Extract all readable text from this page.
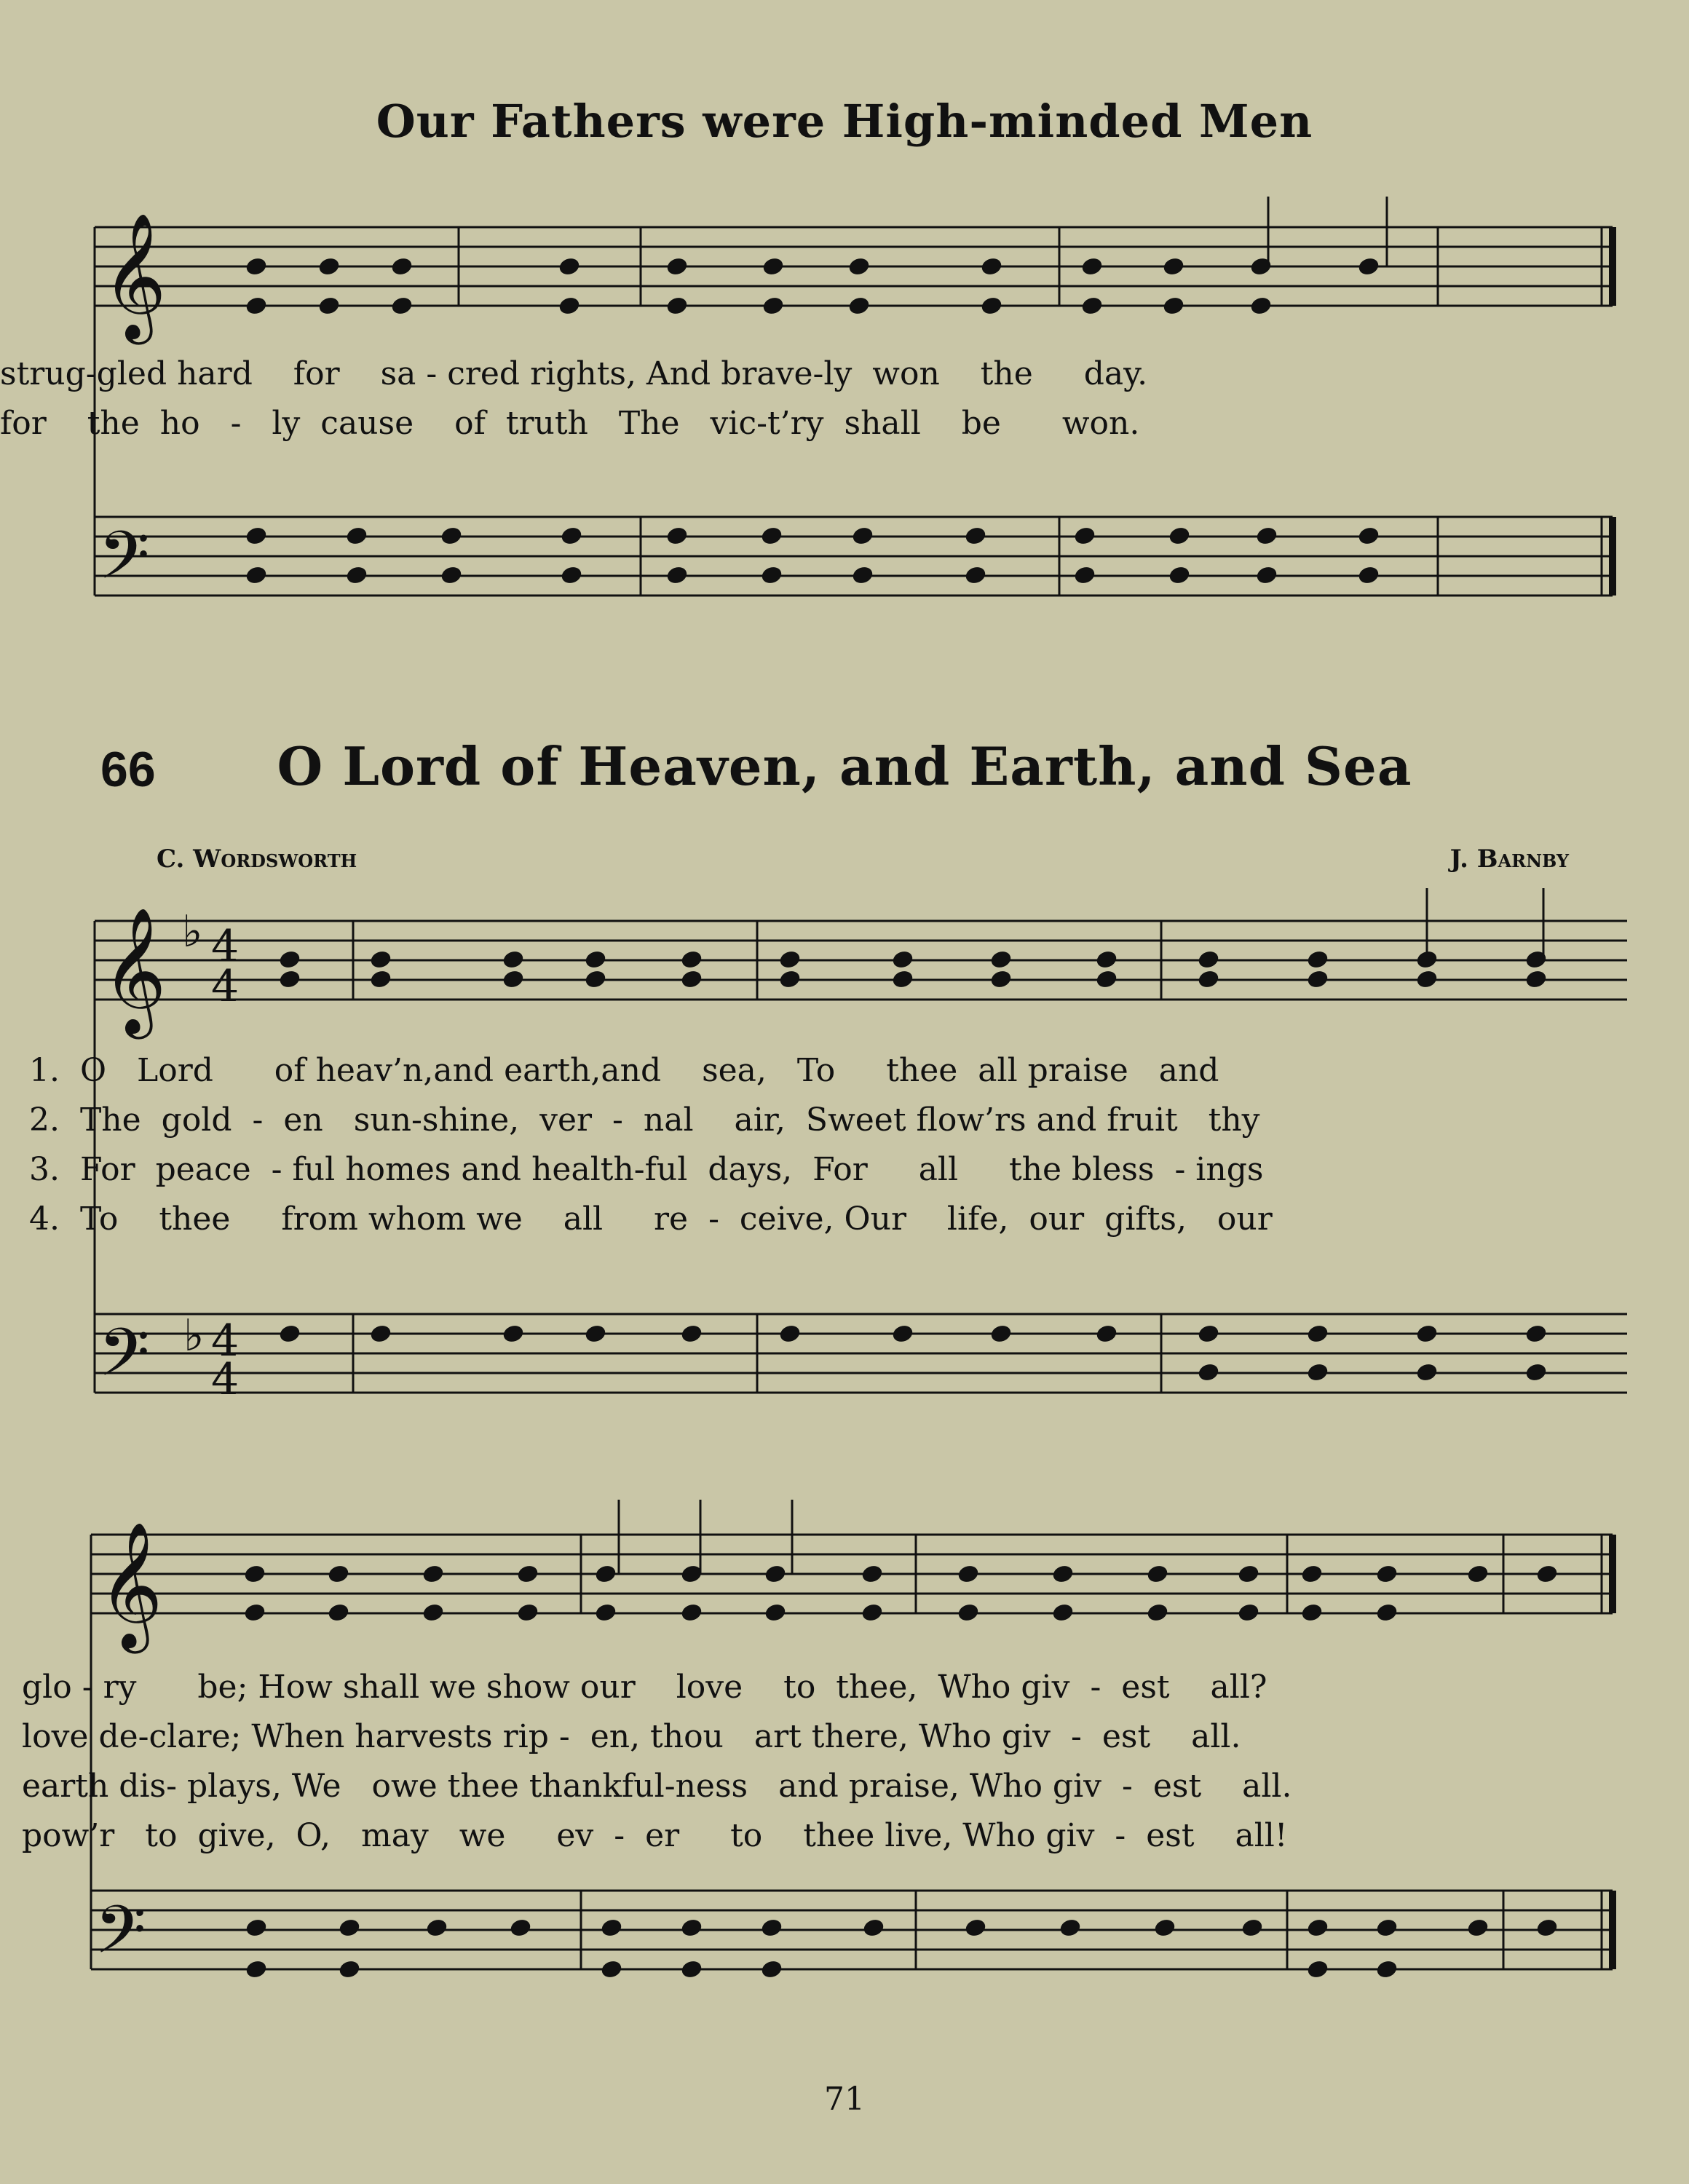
Our Fathers were High-minded Men
𝄞
𝄢
𝄞
𝄢
♭
♭
4
4
4
4
𝄞
𝄢
strug-gled hard    for    sa - cred rights, And brave-ly  won    the     day.
for    the  ho   -   ly  cause    of  truth   The   vic-t’ry  shall    be      won.
66	O Lord of Heaven, and Earth, and Sea
C. Wordsworth	J. Barnby
1.  O   Lord      of heav’n,and earth,and    sea,   To     thee  all praise   and
2.  The  gold  -  en   sun-shine,  ver  -  nal    air,  Sweet flow’rs and fruit   thy
3.  For  peace  - ful homes and health-ful  days,  For     all     the bless  - ings
4.  To    thee     from whom we    all     re  -  ceive, Our    life,  our  gifts,   our
glo - ry      be; How shall we show our    love    to  thee,  Who giv  -  est    all?
love de-clare; When harvests rip -  en, thou   art there, Who giv  -  est    all.
earth dis- plays, We   owe thee thankful-ness   and praise, Who giv  -  est    all.
pow’r   to  give,  O,   may   we     ev  -  er     to    thee live, Who giv  -  est    all!
71
